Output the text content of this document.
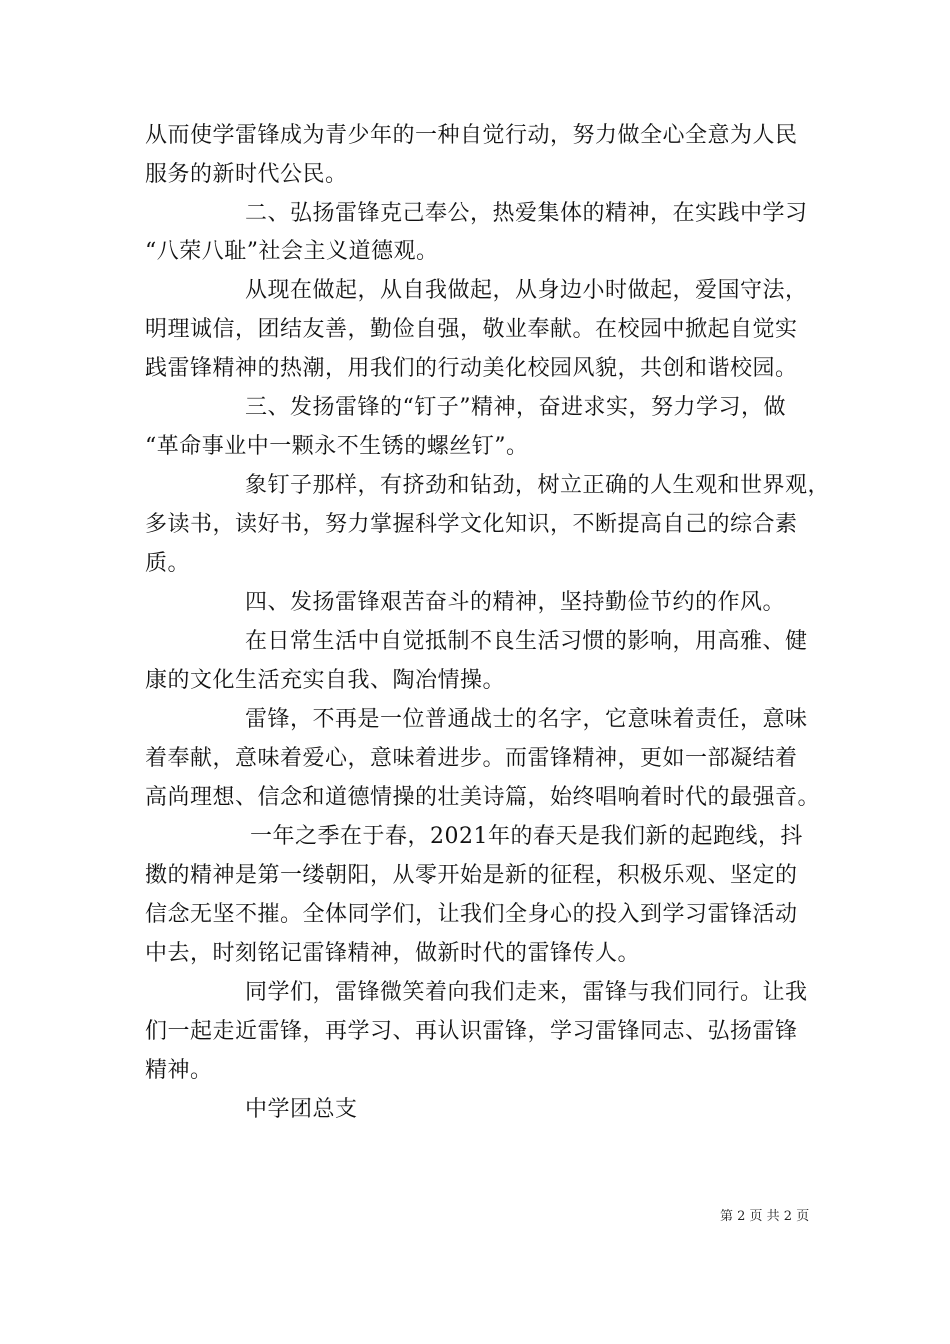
从而使学雷锋成为青少年的一种自觉行动，努力做全心全意为人民
服务的新时代公民。
二、弘扬雷锋克己奉公，热爱集体的精神，在实践中学习
“八荣八耻”社会主义道德观。
从现在做起，从自我做起，从身边小时做起，爱国守法，
明理诚信，团结友善，勤俭自强，敬业奉献。在校园中掀起自觉实
践雷锋精神的热潮，用我们的行动美化校园风貌，共创和谐校园。
三、发扬雷锋的“钉子”精神，奋进求实，努力学习，做
“革命事业中一颗永不生锈的螺丝钉”。
象钉子那样，有挤劲和钻劲，树立正确的人生观和世界观，
多读书，读好书，努力掌握科学文化知识，不断提高自己的综合素
质。
四、发扬雷锋艰苦奋斗的精神，坚持勤俭节约的作风。
在日常生活中自觉抵制不良生活习惯的影响，用高雅、健
康的文化生活充实自我、陶冶情操。
雷锋，不再是一位普通战士的名字，它意味着责任，意味
着奉献，意味着爱心，意味着进步。而雷锋精神，更如一部凝结着
高尚理想、信念和道德情操的壮美诗篇，始终唱响着时代的最强音。
一年之季在于春，2021年的春天是我们新的起跑线，抖
擞的精神是第一缕朝阳，从零开始是新的征程，积极乐观、坚定的
信念无坚不摧。全体同学们，让我们全身心的投入到学习雷锋活动
中去，时刻铭记雷锋精神，做新时代的雷锋传人。
同学们，雷锋微笑着向我们走来，雷锋与我们同行。让我
们一起走近雷锋，再学习、再认识雷锋，学习雷锋同志、弘扬雷锋
精神。
中学团总支
第 2 页 共 2 页
